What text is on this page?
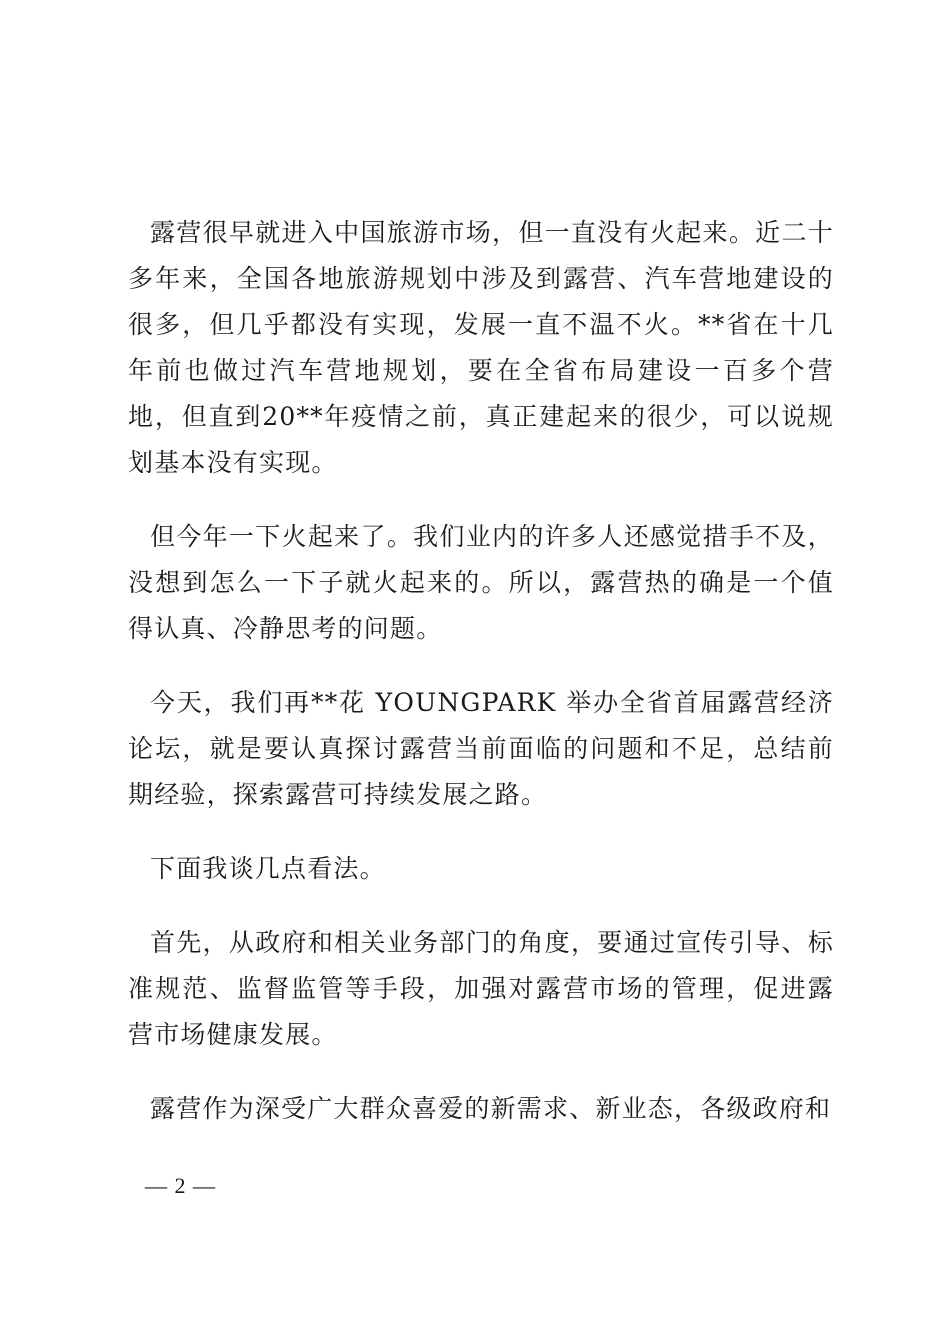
露营很早就进入中国旅游市场，但一直没有火起来。近二十多年来，全国各地旅游规划中涉及到露营、汽车营地建设的很多，但几乎都没有实现，发展一直不温不火。**省在十几年前也做过汽车营地规划，要在全省布局建设一百多个营地，但直到20**年疫情之前，真正建起来的很少，可以说规划基本没有实现。

但今年一下火起来了。我们业内的许多人还感觉措手不及，没想到怎么一下子就火起来的。所以，露营热的确是一个值得认真、冷静思考的问题。

今天，我们再**花 YOUNGPARK 举办全省首届露营经济论坛，就是要认真探讨露营当前面临的问题和不足，总结前期经验，探索露营可持续发展之路。

下面我谈几点看法。

首先，从政府和相关业务部门的角度，要通过宣传引导、标准规范、监督监管等手段，加强对露营市场的管理，促进露营市场健康发展。

露营作为深受广大群众喜爱的新需求、新业态，各级政府和

— 2 —
